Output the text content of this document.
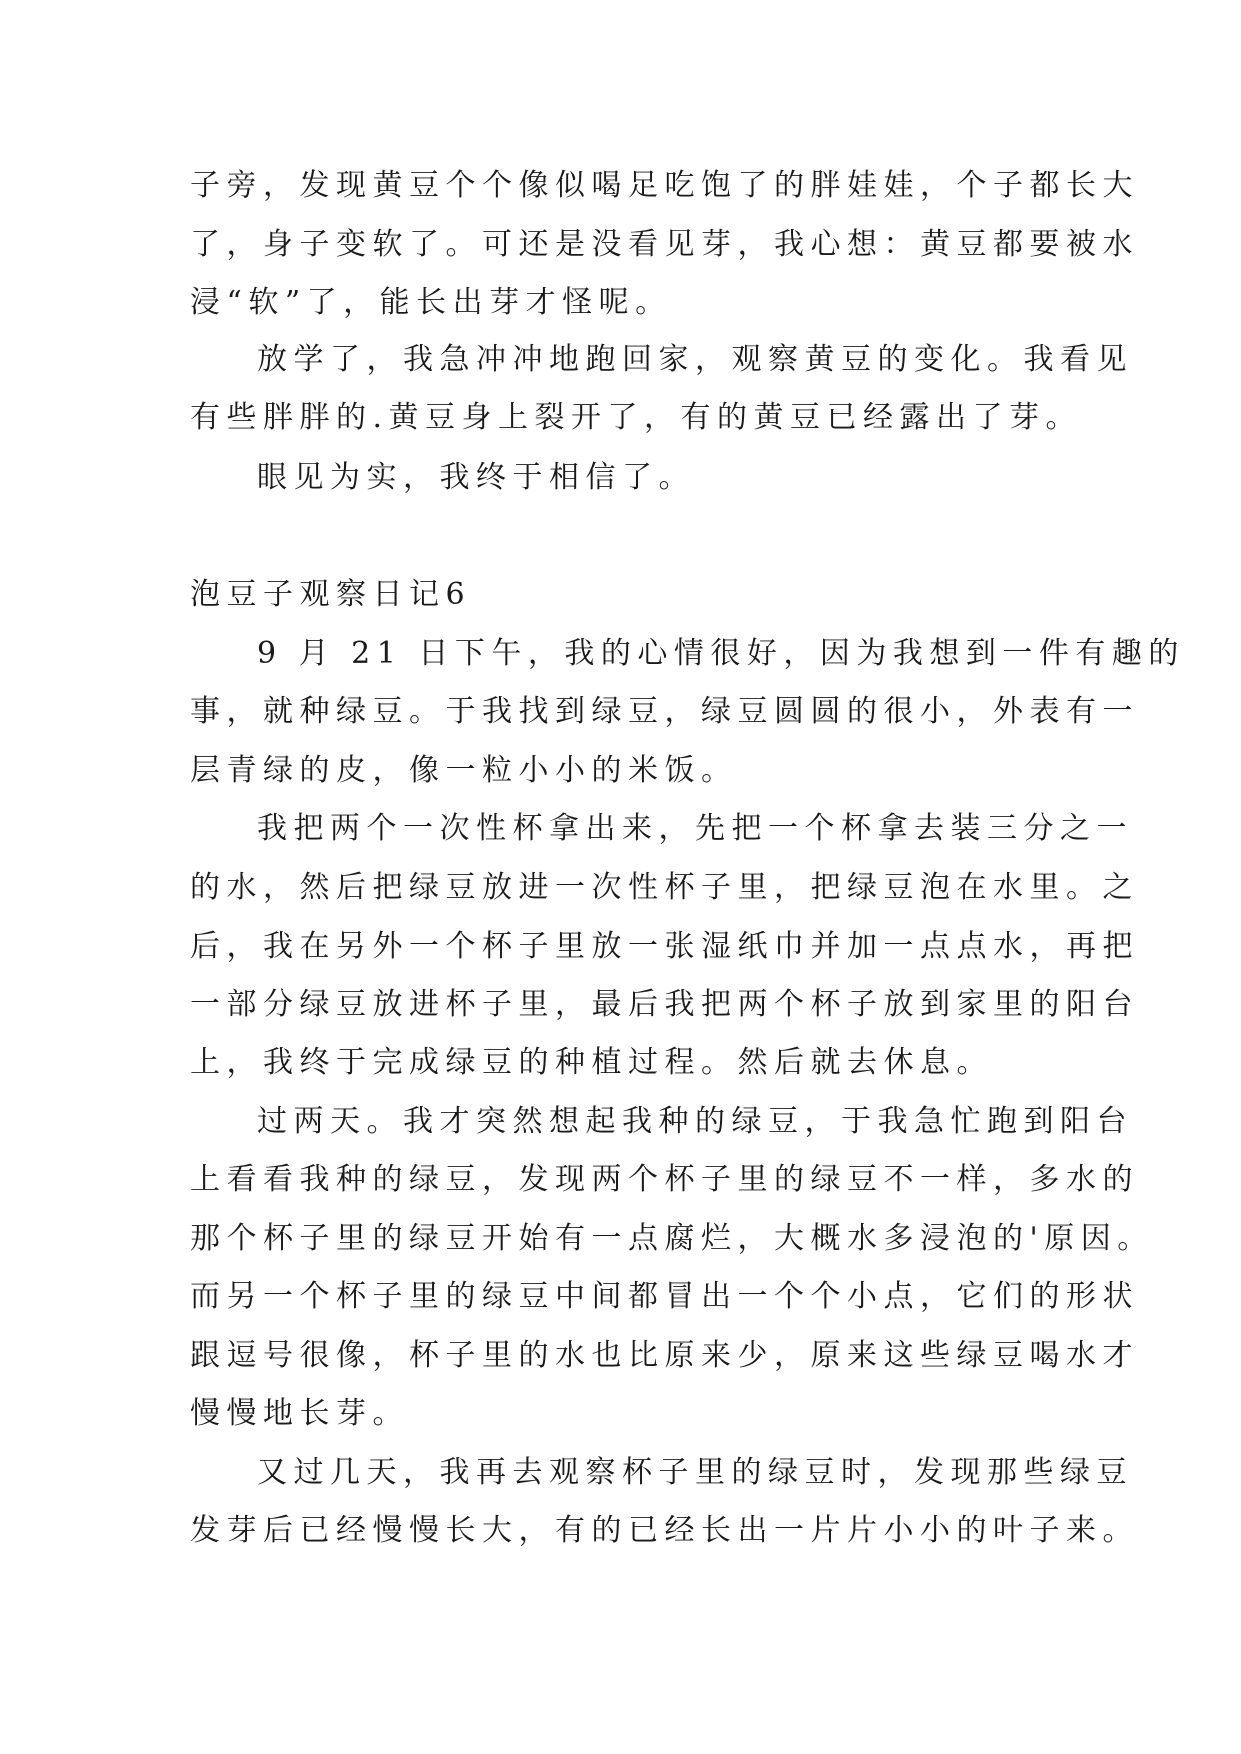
子旁，发现黄豆个个像似喝足吃饱了的胖娃娃，个子都长大
了，身子变软了。可还是没看见芽，我心想：黄豆都要被水
浸“软”了，能长出芽才怪呢。
放学了，我急冲冲地跑回家，观察黄豆的变化。我看见
有些胖胖的.黄豆身上裂开了，有的黄豆已经露出了芽。
眼见为实，我终于相信了。
泡豆子观察日记6
9 月 21 日下午，我的心情很好，因为我想到一件有趣的
事，就种绿豆。于我找到绿豆，绿豆圆圆的很小，外表有一
层青绿的皮，像一粒小小的米饭。
我把两个一次性杯拿出来，先把一个杯拿去装三分之一
的水，然后把绿豆放进一次性杯子里，把绿豆泡在水里。之
后，我在另外一个杯子里放一张湿纸巾并加一点点水，再把
一部分绿豆放进杯子里，最后我把两个杯子放到家里的阳台
上，我终于完成绿豆的种植过程。然后就去休息。
过两天。我才突然想起我种的绿豆，于我急忙跑到阳台
上看看我种的绿豆，发现两个杯子里的绿豆不一样，多水的
那个杯子里的绿豆开始有一点腐烂，大概水多浸泡的'原因。
而另一个杯子里的绿豆中间都冒出一个个小点，它们的形状
跟逗号很像，杯子里的水也比原来少，原来这些绿豆喝水才
慢慢地长芽。
又过几天，我再去观察杯子里的绿豆时，发现那些绿豆
发芽后已经慢慢长大，有的已经长出一片片小小的叶子来。
